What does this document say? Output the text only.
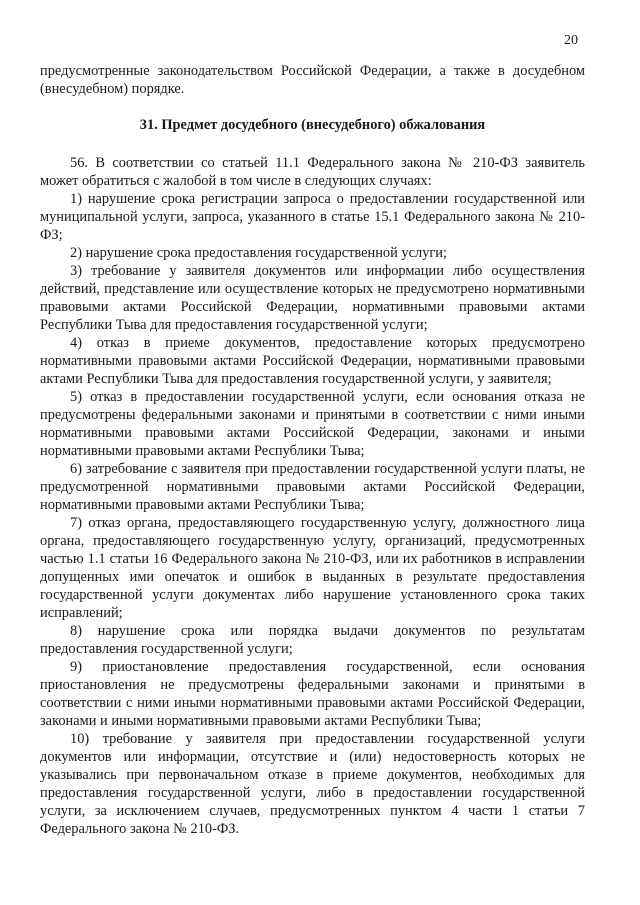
20

предусмотренные законодательством Российской Федерации, а также в досудебном (внесудебном) порядке.

31. Предмет досудебного (внесудебного) обжалования

56. В соответствии со статьей 11.1 Федерального закона № 210-ФЗ заявитель может обратиться с жалобой в том числе в следующих случаях:

1) нарушение срока регистрации запроса о предоставлении государственной или муниципальной услуги, запроса, указанного в статье 15.1 Федерального закона № 210-ФЗ;

2) нарушение срока предоставления государственной услуги;

3) требование у заявителя документов или информации либо осуществления действий, представление или осуществление которых не предусмотрено нормативными правовыми актами Российской Федерации, нормативными правовыми актами Республики Тыва для предоставления государственной услуги;

4) отказ в приеме документов, предоставление которых предусмотрено нормативными правовыми актами Российской Федерации, нормативными правовыми актами Республики Тыва для предоставления государственной услуги, у заявителя;

5) отказ в предоставлении государственной услуги, если основания отказа не предусмотрены федеральными законами и принятыми в соответствии с ними иными нормативными правовыми актами Российской Федерации, законами и иными нормативными правовыми актами Республики Тыва;

6) затребование с заявителя при предоставлении государственной услуги платы, не предусмотренной нормативными правовыми актами Российской Федерации, нормативными правовыми актами Республики Тыва;

7) отказ органа, предоставляющего государственную услугу, должностного лица органа, предоставляющего государственную услугу, организаций, предусмотренных частью 1.1 статьи 16 Федерального закона № 210-ФЗ, или их работников в исправлении допущенных ими опечаток и ошибок в выданных в результате предоставления государственной услуги документах либо нарушение установленного срока таких исправлений;

8) нарушение срока или порядка выдачи документов по результатам предоставления государственной услуги;

9) приостановление предоставления государственной, если основания приостановления не предусмотрены федеральными законами и принятыми в соответствии с ними иными нормативными правовыми актами Российской Федерации, законами и иными нормативными правовыми актами Республики Тыва;

10) требование у заявителя при предоставлении государственной услуги документов или информации, отсутствие и (или) недостоверность которых не указывались при первоначальном отказе в приеме документов, необходимых для предоставления государственной услуги, либо в предоставлении государственной услуги, за исключением случаев, предусмотренных пунктом 4 части 1 статьи 7 Федерального закона № 210-ФЗ.
